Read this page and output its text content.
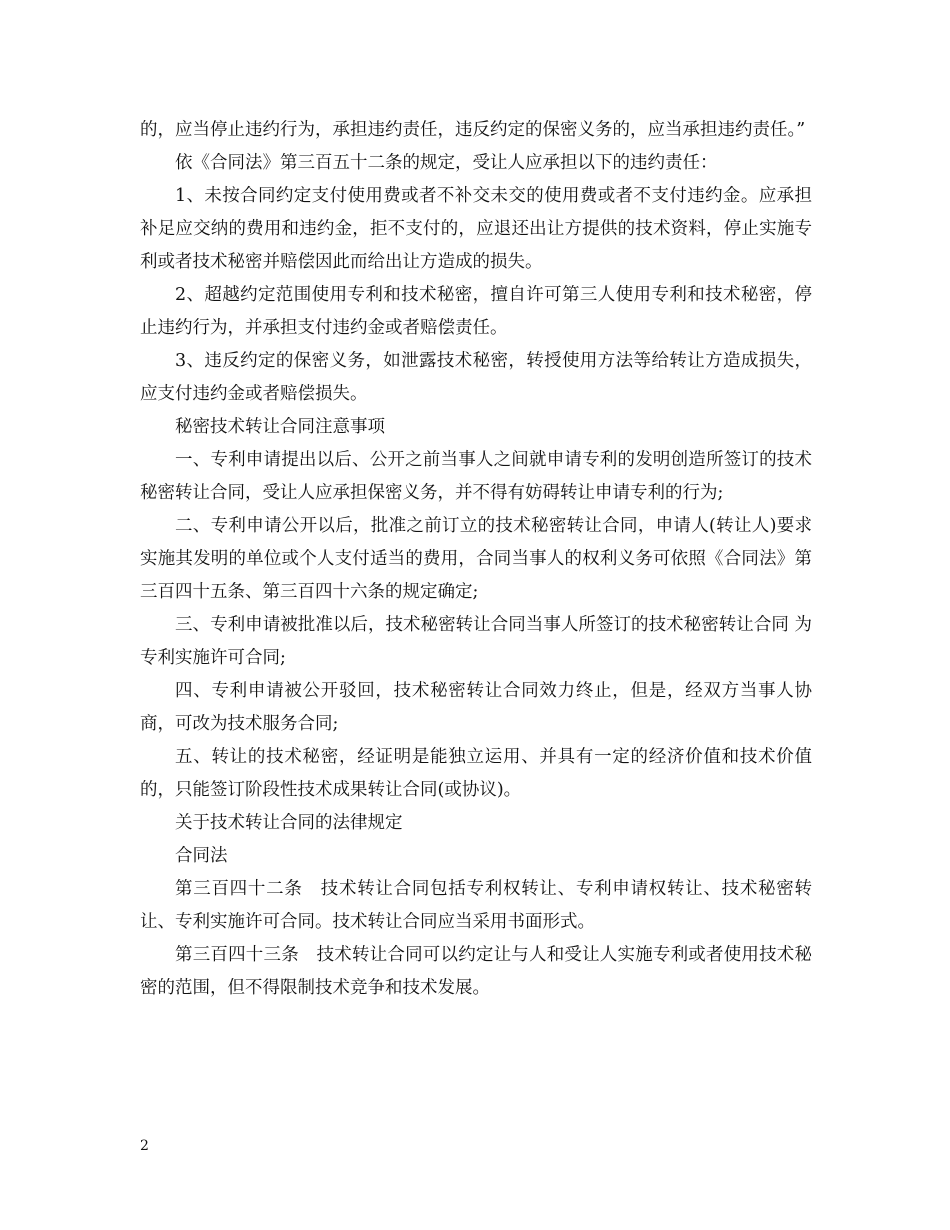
的，应当停止违约行为，承担违约责任，违反约定的保密义务的，应当承担违约责任。”

依《合同法》第三百五十二条的规定，受让人应承担以下的违约责任：

1、未按合同约定支付使用费或者不补交未交的使用费或者不支付违约金。应承担补足应交纳的费用和违约金，拒不支付的，应退还出让方提供的技术资料，停止实施专利或者技术秘密并赔偿因此而给出让方造成的损失。

2、超越约定范围使用专利和技术秘密，擅自许可第三人使用专利和技术秘密，停止违约行为，并承担支付违约金或者赔偿责任。

3、违反约定的保密义务，如泄露技术秘密，转授使用方法等给转让方造成损失，应支付违约金或者赔偿损失。

秘密技术转让合同注意事项

一、专利申请提出以后、公开之前当事人之间就申请专利的发明创造所签订的技术秘密转让合同，受让人应承担保密义务，并不得有妨碍转让申请专利的行为;

二、专利申请公开以后，批准之前订立的技术秘密转让合同，申请人(转让人)要求实施其发明的单位或个人支付适当的费用，合同当事人的权利义务可依照《合同法》第三百四十五条、第三百四十六条的规定确定;

三、专利申请被批准以后，技术秘密转让合同当事人所签订的技术秘密转让合同 为专利实施许可合同;

四、专利申请被公开驳回，技术秘密转让合同效力终止，但是，经双方当事人协 商，可改为技术服务合同;

五、转让的技术秘密，经证明是能独立运用、并具有一定的经济价值和技术价值 的，只能签订阶段性技术成果转让合同(或协议)。

关于技术转让合同的法律规定

合同法

第三百四十二条　技术转让合同包括专利权转让、专利申请权转让、技术秘密转让、专利实施许可合同。技术转让合同应当采用书面形式。

第三百四十三条　技术转让合同可以约定让与人和受让人实施专利或者使用技术秘密的范围，但不得限制技术竞争和技术发展。

2
